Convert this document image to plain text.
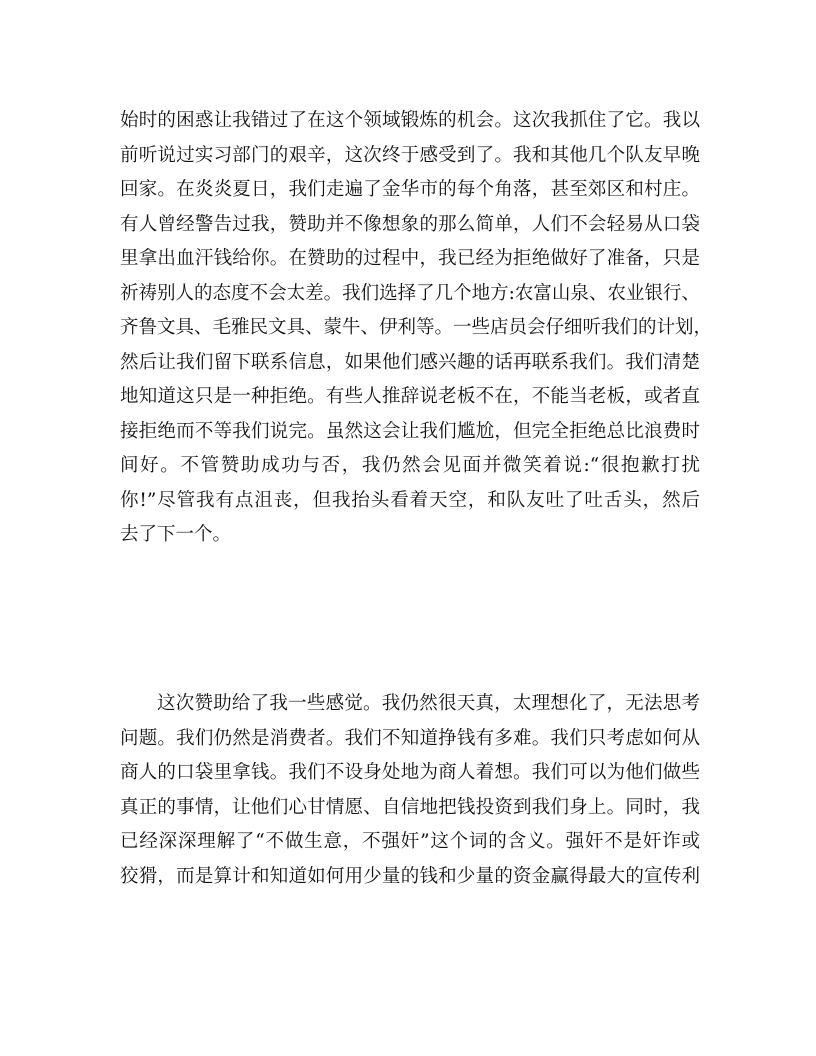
始时的困惑让我错过了在这个领域锻炼的机会。这次我抓住了它。我以
前听说过实习部门的艰辛，这次终于感受到了。我和其他几个队友早晚
回家。在炎炎夏日，我们走遍了金华市的每个角落，甚至郊区和村庄。
有人曾经警告过我，赞助并不像想象的那么简单，人们不会轻易从口袋
里拿出血汗钱给你。在赞助的过程中，我已经为拒绝做好了准备，只是
祈祷别人的态度不会太差。我们选择了几个地方:农富山泉、农业银行、
齐鲁文具、毛雅民文具、蒙牛、伊利等。一些店员会仔细听我们的计划，
然后让我们留下联系信息，如果他们感兴趣的话再联系我们。我们清楚
地知道这只是一种拒绝。有些人推辞说老板不在，不能当老板，或者直
接拒绝而不等我们说完。虽然这会让我们尴尬，但完全拒绝总比浪费时
间好。不管赞助成功与否，我仍然会见面并微笑着说:“很抱歉打扰
你!”尽管我有点沮丧，但我抬头看着天空，和队友吐了吐舌头，然后
去了下一个。
这次赞助给了我一些感觉。我仍然很天真，太理想化了，无法思考
问题。我们仍然是消费者。我们不知道挣钱有多难。我们只考虑如何从
商人的口袋里拿钱。我们不设身处地为商人着想。我们可以为他们做些
真正的事情，让他们心甘情愿、自信地把钱投资到我们身上。同时，我
已经深深理解了“不做生意，不强奸”这个词的含义。强奸不是奸诈或
狡猾，而是算计和知道如何用少量的钱和少量的资金赢得最大的宣传利
